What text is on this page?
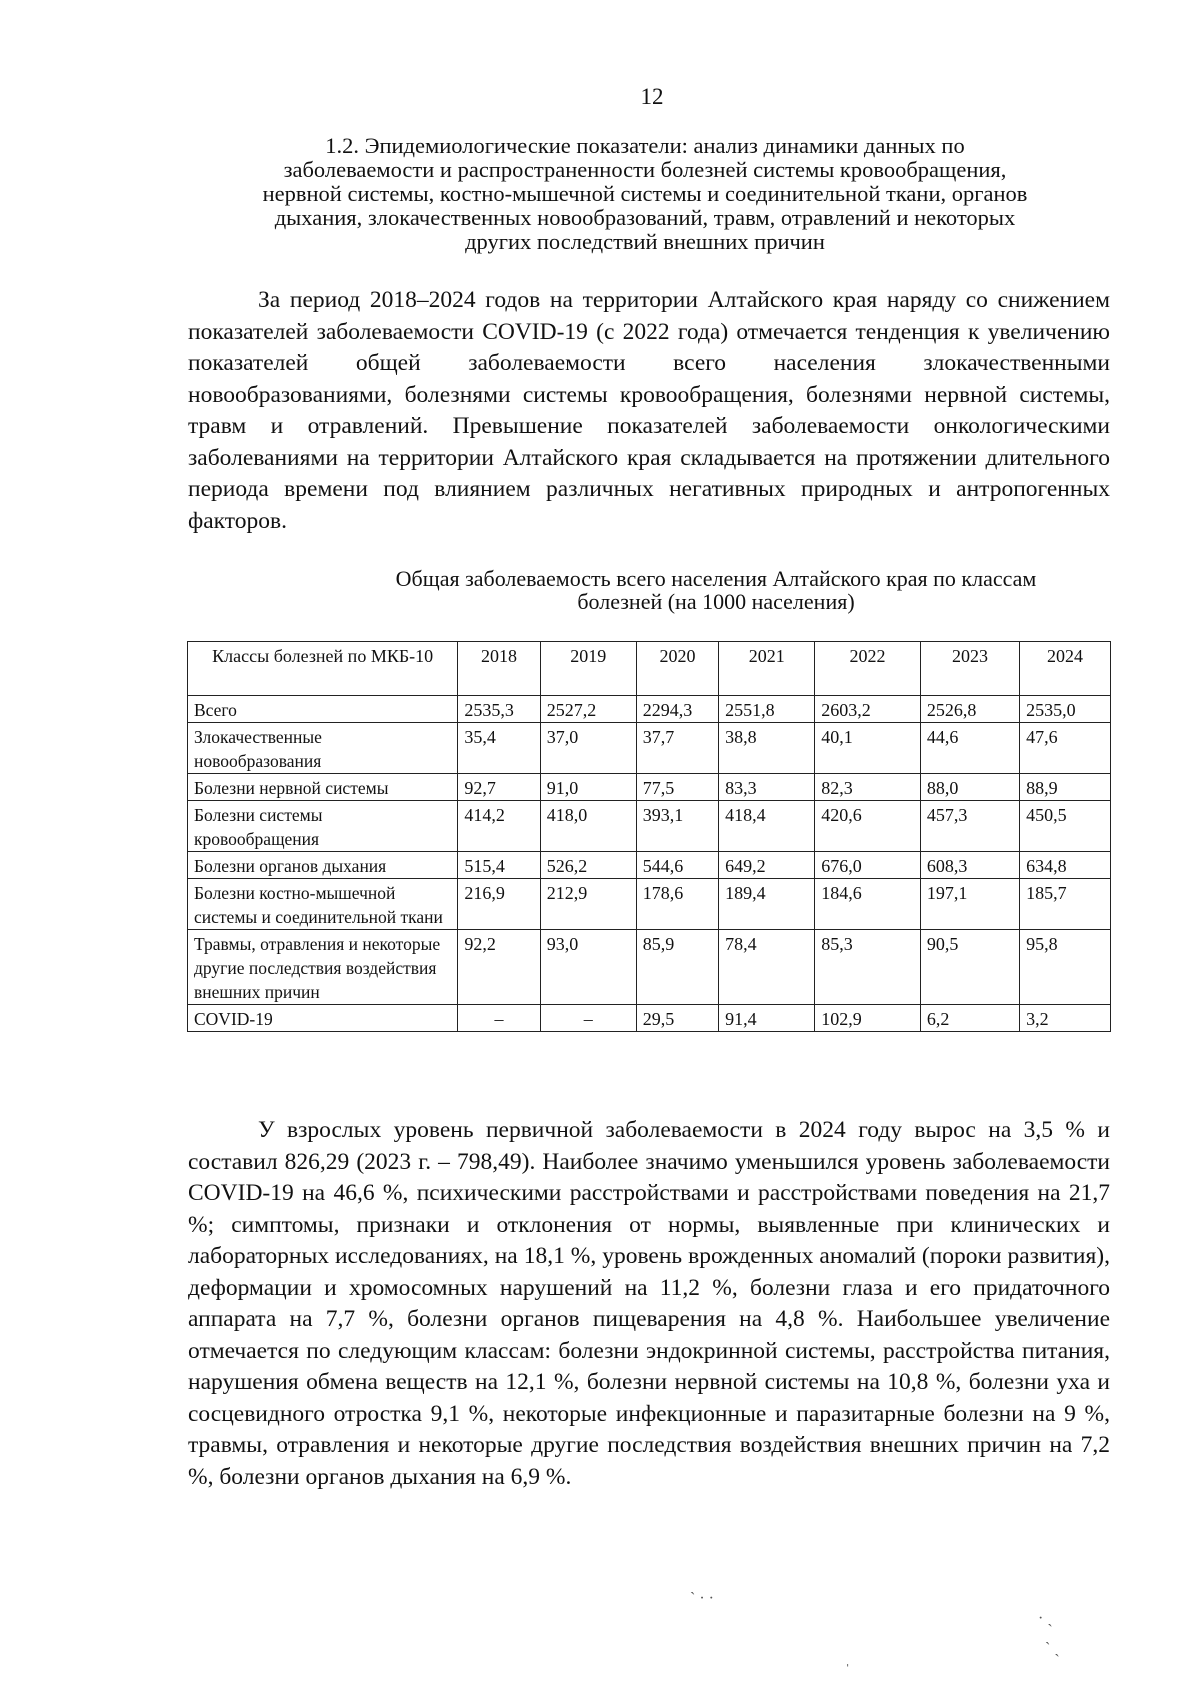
12
1.2. Эпидемиологические показатели: анализ динамики данных по
заболеваемости и распространенности болезней системы кровообращения,
нервной системы, костно-мышечной системы и соединительной ткани, органов
дыхания, злокачественных новообразований, травм, отравлений и некоторых
других последствий внешних причин

За период 2018–2024 годов на территории Алтайского края наряду со снижением показателей заболеваемости COVID-19 (с 2022 года) отмечается тенденция к увеличению показателей общей заболеваемости всего населения злокачественными новообразованиями, болезнями системы кровообращения, болезнями нервной системы, травм и отравлений. Превышение показателей заболеваемости онкологическими заболеваниями на территории Алтайского края складывается на протяжении длительного периода времени под влиянием различных негативных природных и антропогенных факторов.

Общая заболеваемость всего населения Алтайского края по классам
болезней (на 1000 населения)
Классы болезней по МКБ-10	2018	2019	2020	2021	2022	2023	2024
Всего	2535,3	2527,2	2294,3	2551,8	2603,2	2526,8	2535,0
Злокачественные новообразования	35,4	37,0	37,7	38,8	40,1	44,6	47,6
Болезни нервной системы	92,7	91,0	77,5	83,3	82,3	88,0	88,9
Болезни системы кровообращения	414,2	418,0	393,1	418,4	420,6	457,3	450,5
Болезни органов дыхания	515,4	526,2	544,6	649,2	676,0	608,3	634,8
Болезни костно-мышечной системы и соединительной ткани	216,9	212,9	178,6	189,4	184,6	197,1	185,7
Травмы, отравления и некоторые другие последствия воздействия внешних причин	92,2	93,0	85,9	78,4	85,3	90,5	95,8
COVID-19	–	–	29,5	91,4	102,9	6,2	3,2

У взрослых уровень первичной заболеваемости в 2024 году вырос на 3,5 % и составил 826,29 (2023 г. – 798,49). Наиболее значимо уменьшился уровень заболеваемости COVID-19 на 46,6 %, психическими расстройствами и расстройствами поведения на 21,7 %; симптомы, признаки и отклонения от нормы, выявленные при клинических и лабораторных исследованиях, на 18,1 %, уровень врожденных аномалий (пороки развития), деформации и хромосомных нарушений на 11,2 %, болезни глаза и его придаточного аппарата на 7,7 %, болезни органов пищеварения на 4,8 %. Наибольшее увеличение отмечается по следующим классам: болезни эндокринной системы, расстройства питания, нарушения обмена веществ на 12,1 %, болезни нервной системы на 10,8 %, болезни уха и сосцевидного отростка 9,1 %, некоторые инфекционные и паразитарные болезни на 9 %, травмы, отравления и некоторые другие последствия воздействия внешних причин на 7,2 %, болезни органов дыхания на 6,9 %.

ˋ · ·
· ˎ
ˋ ˎ
ˌ
